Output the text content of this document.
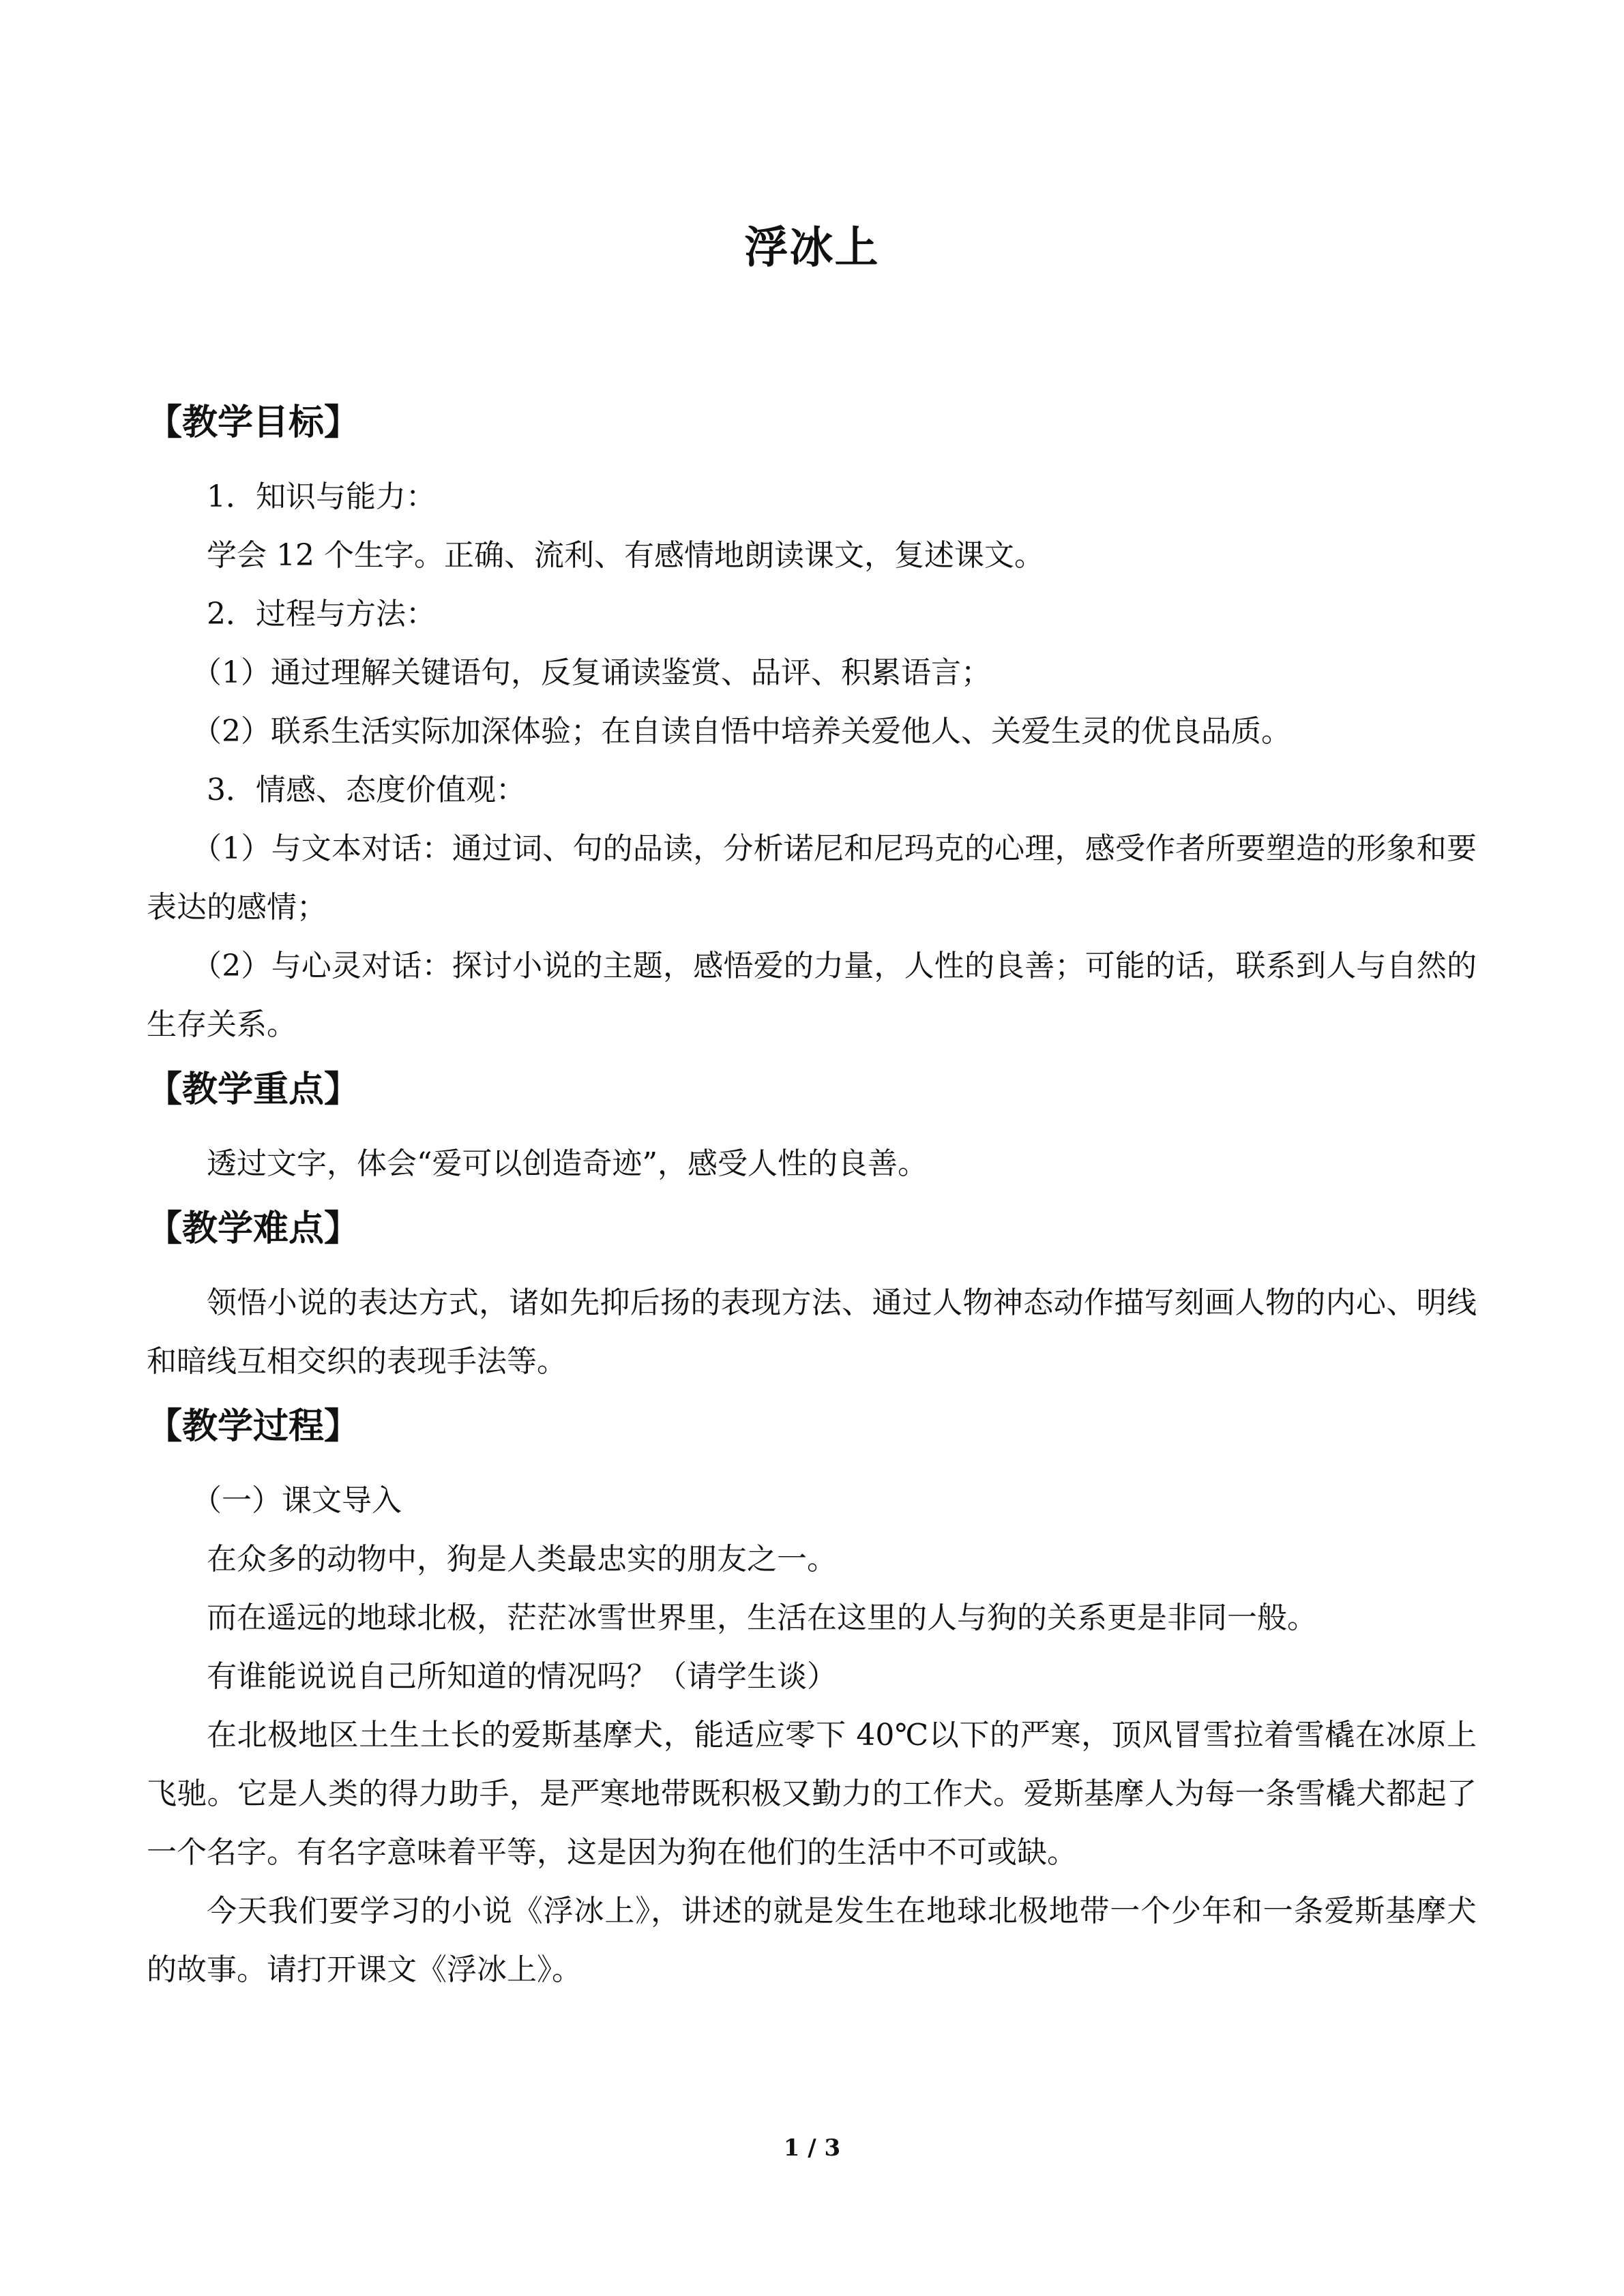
浮冰上
【教学目标】

1．知识与能力：

学会 12 个生字。正确、流利、有感情地朗读课文，复述课文。

2．过程与方法：

（1）通过理解关键语句，反复诵读鉴赏、品评、积累语言；

（2）联系生活实际加深体验；在自读自悟中培养关爱他人、关爱生灵的优良品质。

3．情感、态度价值观：

（1）与文本对话：通过词、句的品读，分析诺尼和尼玛克的心理，感受作者所要塑造的形象和要表达的感情；

（2）与心灵对话：探讨小说的主题，感悟爱的力量，人性的良善；可能的话，联系到人与自然的生存关系。

【教学重点】

透过文字，体会“爱可以创造奇迹”，感受人性的良善。

【教学难点】

领悟小说的表达方式，诸如先抑后扬的表现方法、通过人物神态动作描写刻画人物的内心、明线和暗线互相交织的表现手法等。

【教学过程】

（一）课文导入

在众多的动物中，狗是人类最忠实的朋友之一。

而在遥远的地球北极，茫茫冰雪世界里，生活在这里的人与狗的关系更是非同一般。

有谁能说说自己所知道的情况吗？（请学生谈）

在北极地区土生土长的爱斯基摩犬，能适应零下 40℃以下的严寒，顶风冒雪拉着雪橇在冰原上飞驰。它是人类的得力助手，是严寒地带既积极又勤力的工作犬。爱斯基摩人为每一条雪橇犬都起了一个名字。有名字意味着平等，这是因为狗在他们的生活中不可或缺。

今天我们要学习的小说《浮冰上》，讲述的就是发生在地球北极地带一个少年和一条爱斯基摩犬的故事。请打开课文《浮冰上》。

1 / 3
